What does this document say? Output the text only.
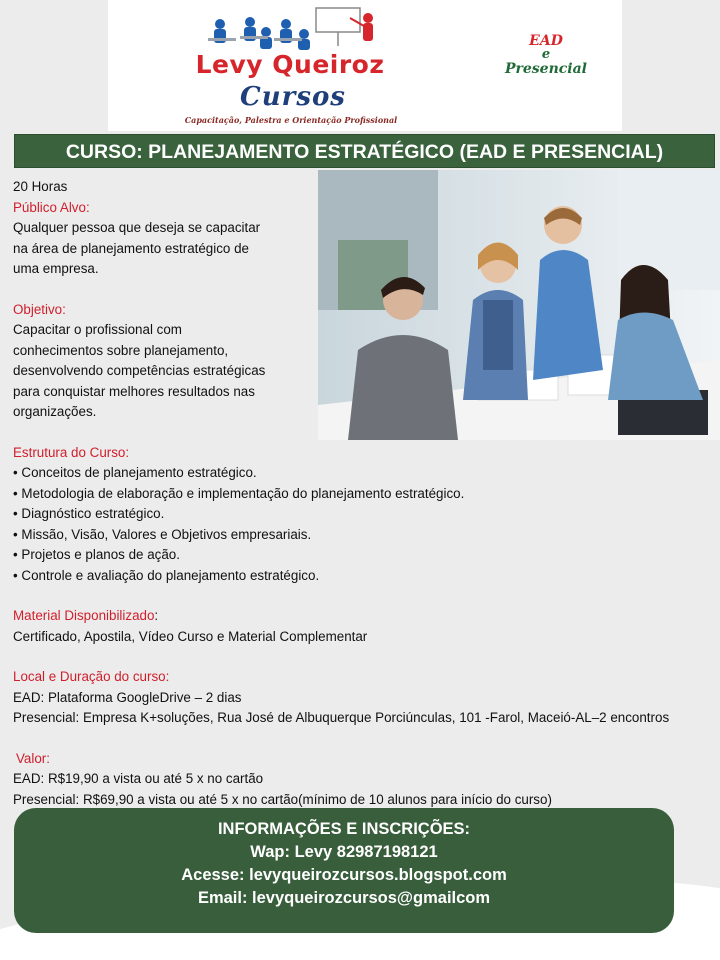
Levy Queiroz
Cursos
Capacitação, Palestra e Orientação Profissional
EAD
e
Presencial
CURSO: PLANEJAMENTO ESTRATÉGICO (EAD E PRESENCIAL)
20 Horas
Público Alvo:
Qualquer pessoa que deseja se capacitar
na área de planejamento estratégico de
uma empresa.
Objetivo:
Capacitar o profissional com
conhecimentos sobre planejamento,
desenvolvendo competências estratégicas
para conquistar melhores resultados nas
organizações.
Estrutura do Curso:
• Conceitos de planejamento estratégico.
• Metodologia de elaboração e implementação do planejamento estratégico.
• Diagnóstico estratégico.
• Missão, Visão, Valores e Objetivos empresariais.
• Projetos e planos de ação.
• Controle e avaliação do planejamento estratégico.
Material Disponibilizado:
Certificado, Apostila, Vídeo Curso e Material Complementar
Local e Duração do curso:
EAD: Plataforma GoogleDrive – 2 dias
Presencial: Empresa K+soluções, Rua José de Albuquerque Porciúnculas, 101 -Farol, Maceió-AL–2 encontros
Valor:
EAD: R$19,90 a vista ou até 5 x no cartão
Presencial: R$69,90 a vista ou até 5 x no cartão(mínimo de 10 alunos para início do curso)
INFORMAÇÕES E INSCRIÇÕES:
Wap: Levy 82987198121
Acesse: levyqueirozcursos.blogspot.com
Email: levyqueirozcursos@gmailcom
